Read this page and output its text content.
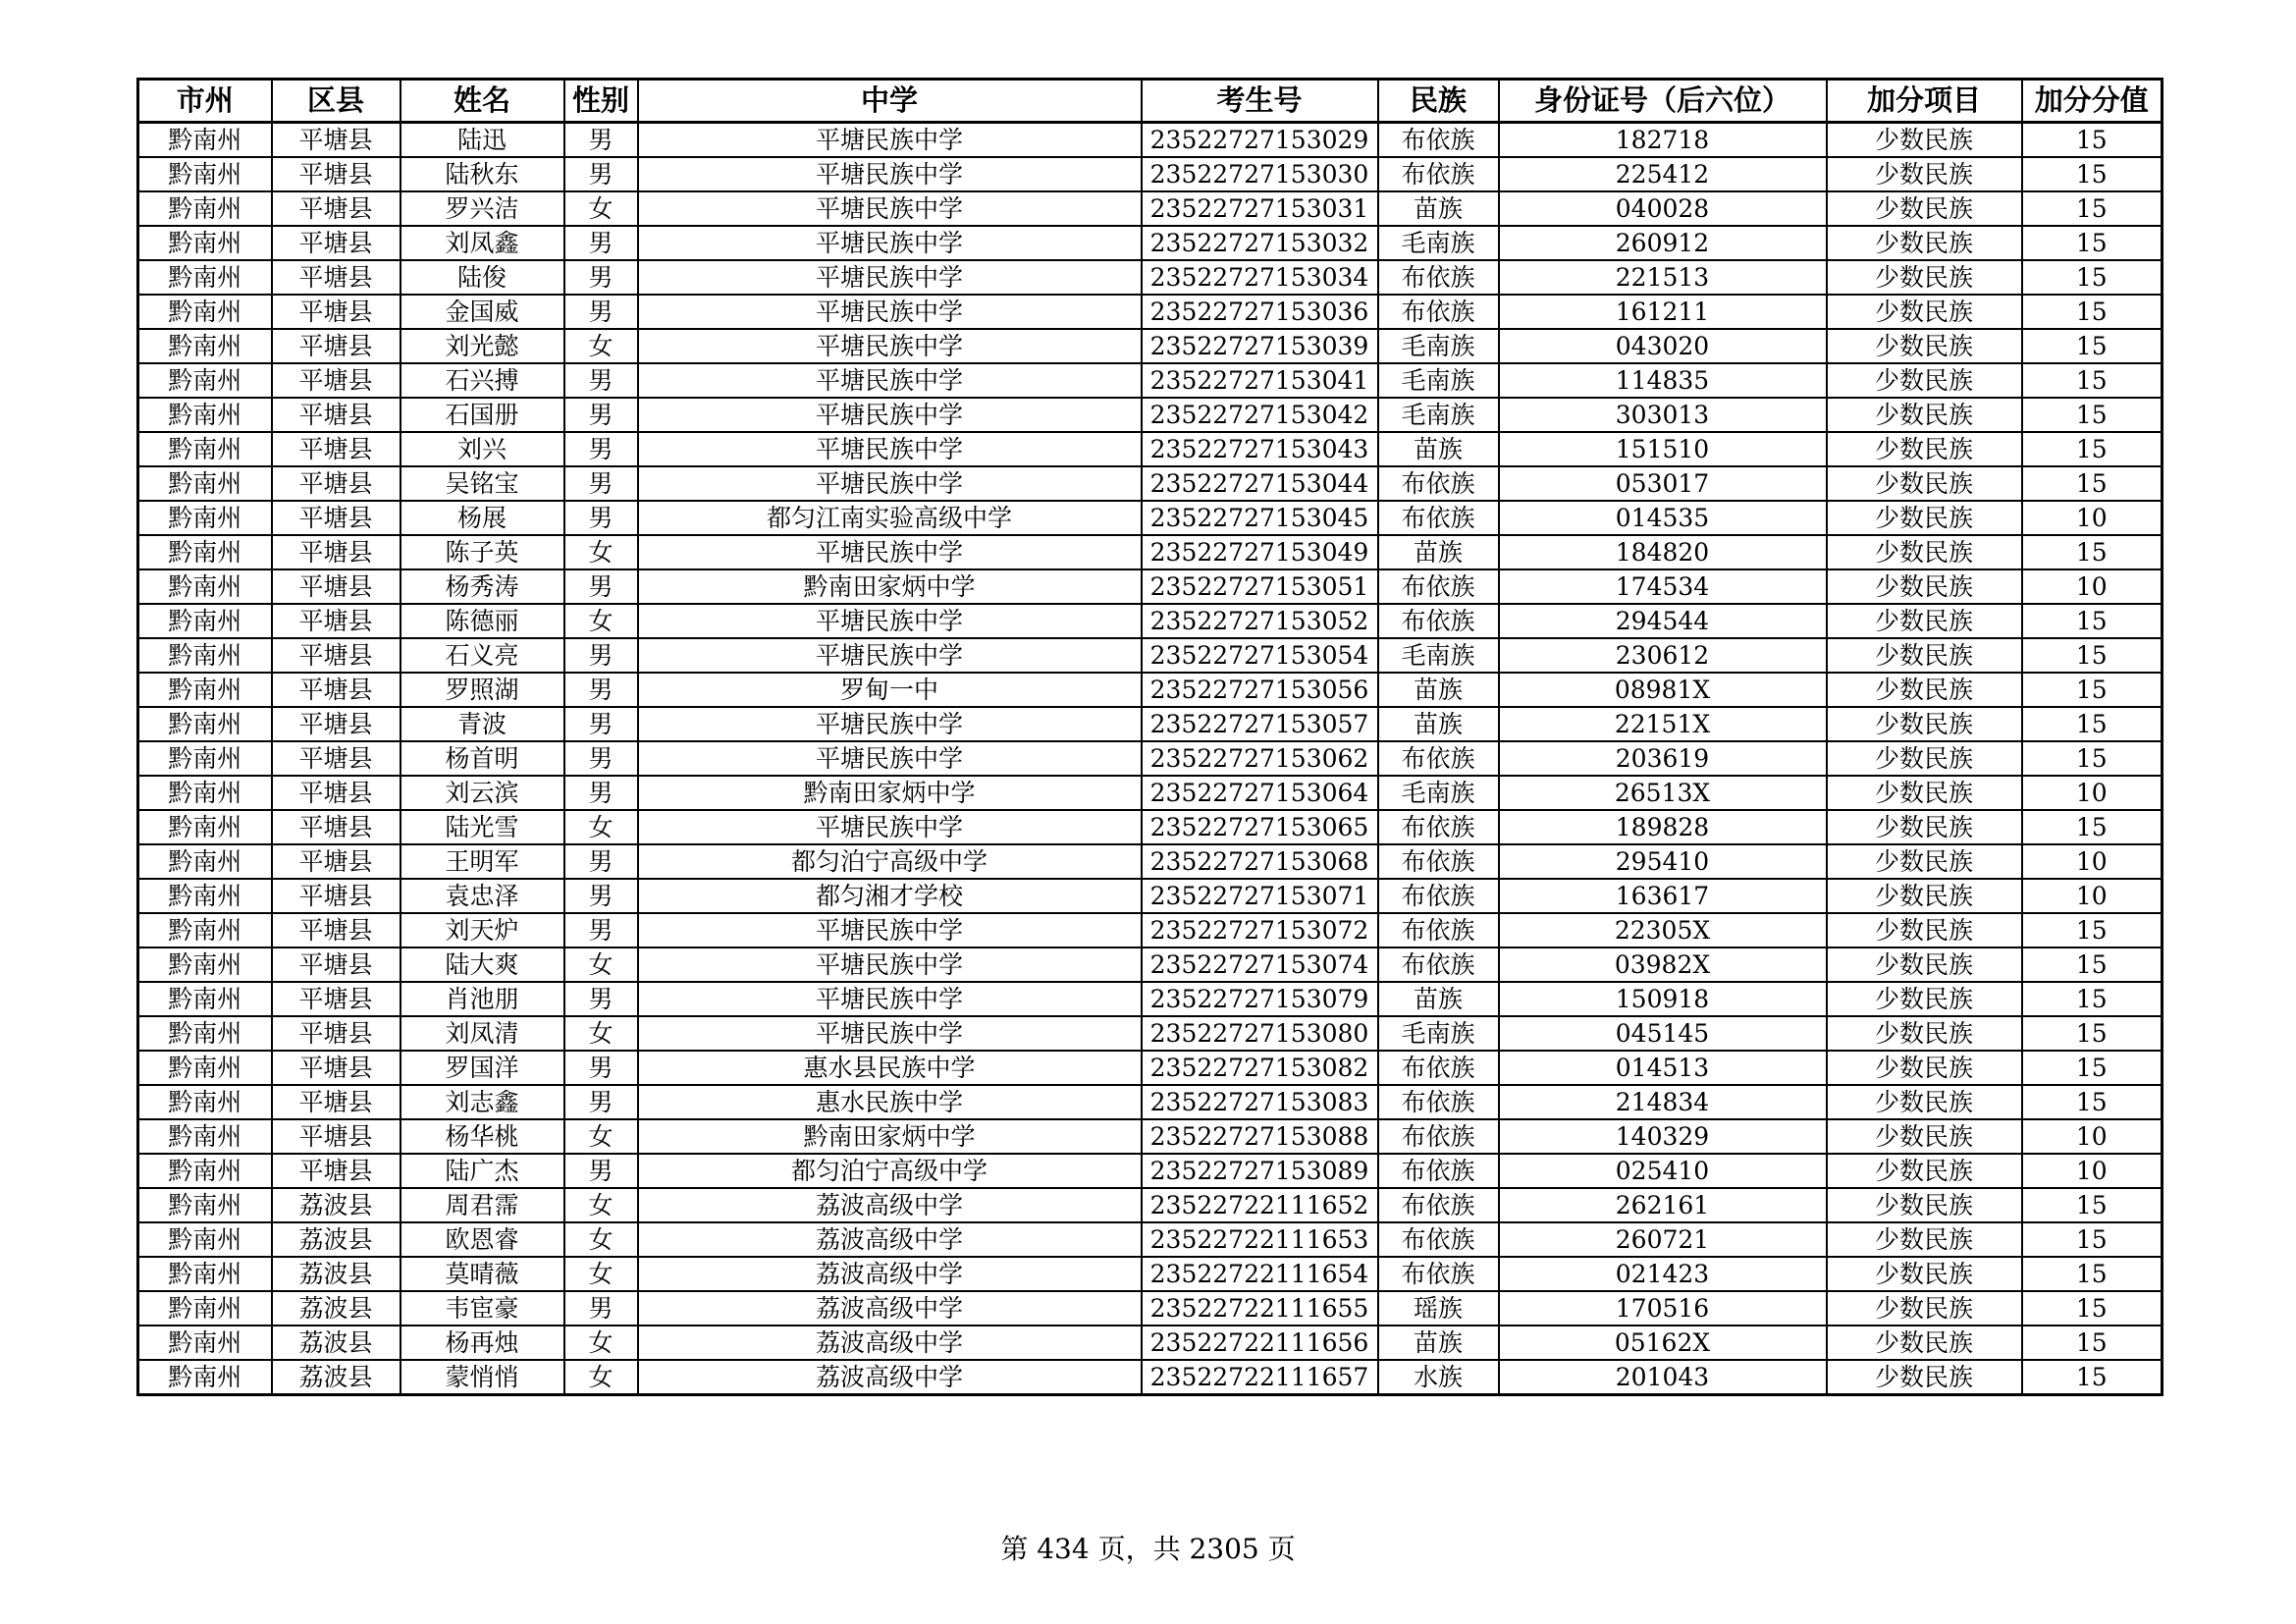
市州	区县	姓名	性别	中学	考生号	民族	身份证号（后六位）	加分项目	加分分值
黔南州	平塘县	陆迅	男	平塘民族中学	23522727153029	布依族	182718	少数民族	15
黔南州	平塘县	陆秋东	男	平塘民族中学	23522727153030	布依族	225412	少数民族	15
黔南州	平塘县	罗兴洁	女	平塘民族中学	23522727153031	苗族	040028	少数民族	15
黔南州	平塘县	刘凤鑫	男	平塘民族中学	23522727153032	毛南族	260912	少数民族	15
黔南州	平塘县	陆俊	男	平塘民族中学	23522727153034	布依族	221513	少数民族	15
黔南州	平塘县	金国威	男	平塘民族中学	23522727153036	布依族	161211	少数民族	15
黔南州	平塘县	刘光懿	女	平塘民族中学	23522727153039	毛南族	043020	少数民族	15
黔南州	平塘县	石兴搏	男	平塘民族中学	23522727153041	毛南族	114835	少数民族	15
黔南州	平塘县	石国册	男	平塘民族中学	23522727153042	毛南族	303013	少数民族	15
黔南州	平塘县	刘兴	男	平塘民族中学	23522727153043	苗族	151510	少数民族	15
黔南州	平塘县	吴铭宝	男	平塘民族中学	23522727153044	布依族	053017	少数民族	15
黔南州	平塘县	杨展	男	都匀江南实验高级中学	23522727153045	布依族	014535	少数民族	10
黔南州	平塘县	陈子英	女	平塘民族中学	23522727153049	苗族	184820	少数民族	15
黔南州	平塘县	杨秀涛	男	黔南田家炳中学	23522727153051	布依族	174534	少数民族	10
黔南州	平塘县	陈德丽	女	平塘民族中学	23522727153052	布依族	294544	少数民族	15
黔南州	平塘县	石义亮	男	平塘民族中学	23522727153054	毛南族	230612	少数民族	15
黔南州	平塘县	罗照湖	男	罗甸一中	23522727153056	苗族	08981X	少数民族	15
黔南州	平塘县	青波	男	平塘民族中学	23522727153057	苗族	22151X	少数民族	15
黔南州	平塘县	杨首明	男	平塘民族中学	23522727153062	布依族	203619	少数民族	15
黔南州	平塘县	刘云滨	男	黔南田家炳中学	23522727153064	毛南族	26513X	少数民族	10
黔南州	平塘县	陆光雪	女	平塘民族中学	23522727153065	布依族	189828	少数民族	15
黔南州	平塘县	王明军	男	都匀泊宁高级中学	23522727153068	布依族	295410	少数民族	10
黔南州	平塘县	袁忠泽	男	都匀湘才学校	23522727153071	布依族	163617	少数民族	10
黔南州	平塘县	刘天炉	男	平塘民族中学	23522727153072	布依族	22305X	少数民族	15
黔南州	平塘县	陆大爽	女	平塘民族中学	23522727153074	布依族	03982X	少数民族	15
黔南州	平塘县	肖池朋	男	平塘民族中学	23522727153079	苗族	150918	少数民族	15
黔南州	平塘县	刘凤清	女	平塘民族中学	23522727153080	毛南族	045145	少数民族	15
黔南州	平塘县	罗国洋	男	惠水县民族中学	23522727153082	布依族	014513	少数民族	15
黔南州	平塘县	刘志鑫	男	惠水民族中学	23522727153083	布依族	214834	少数民族	15
黔南州	平塘县	杨华桃	女	黔南田家炳中学	23522727153088	布依族	140329	少数民族	10
黔南州	平塘县	陆广杰	男	都匀泊宁高级中学	23522727153089	布依族	025410	少数民族	10
黔南州	荔波县	周君霈	女	荔波高级中学	23522722111652	布依族	262161	少数民族	15
黔南州	荔波县	欧恩睿	女	荔波高级中学	23522722111653	布依族	260721	少数民族	15
黔南州	荔波县	莫晴薇	女	荔波高级中学	23522722111654	布依族	021423	少数民族	15
黔南州	荔波县	韦宦豪	男	荔波高级中学	23522722111655	瑶族	170516	少数民族	15
黔南州	荔波县	杨再烛	女	荔波高级中学	23522722111656	苗族	05162X	少数民族	15
黔南州	荔波县	蒙悄悄	女	荔波高级中学	23522722111657	水族	201043	少数民族	15
第 434 页，共 2305 页
